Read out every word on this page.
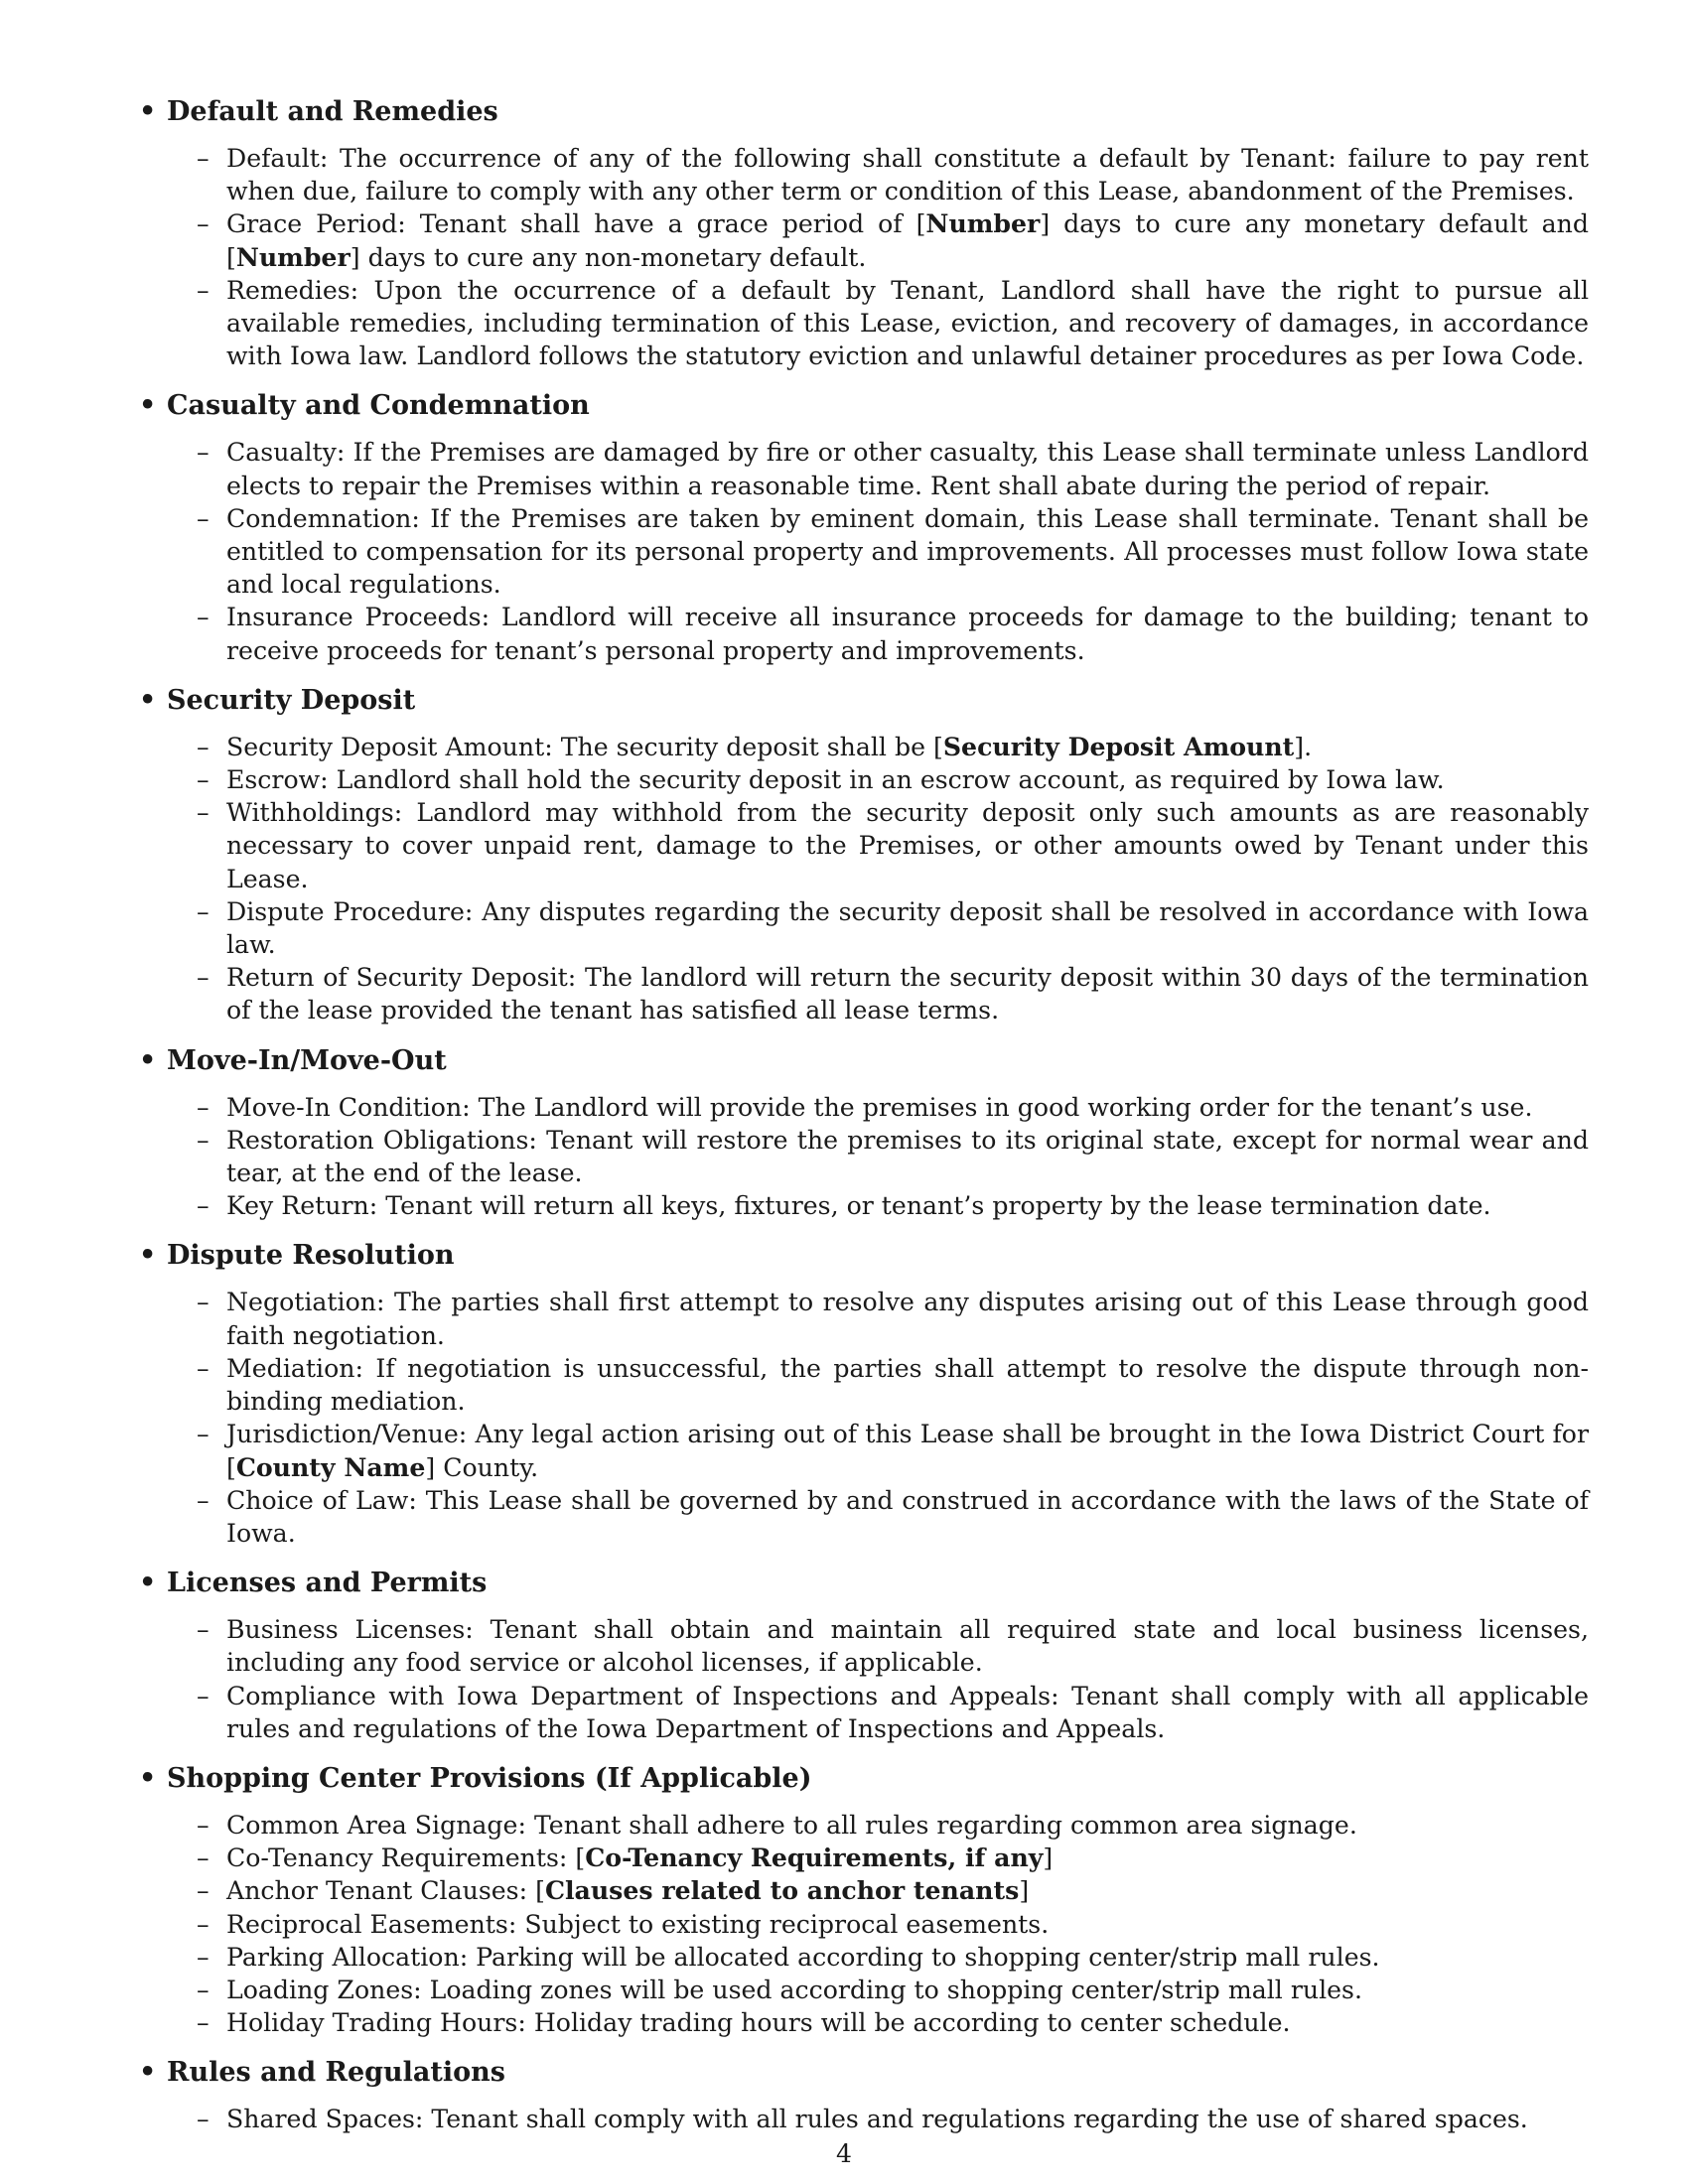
• Default and Remedies
– Default: The occurrence of any of the following shall constitute a default by Tenant: failure to pay rent when due, failure to comply with any other term or condition of this Lease, abandonment of the Premises.
– Grace Period: Tenant shall have a grace period of [Number] days to cure any monetary default and [Number] days to cure any non-monetary default.
– Remedies: Upon the occurrence of a default by Tenant, Landlord shall have the right to pursue all available remedies, including termination of this Lease, eviction, and recovery of damages, in accordance with Iowa law. Landlord follows the statutory eviction and unlawful detainer procedures as per Iowa Code.
• Casualty and Condemnation
– Casualty: If the Premises are damaged by fire or other casualty, this Lease shall terminate unless Landlord elects to repair the Premises within a reasonable time. Rent shall abate during the period of repair.
– Condemnation: If the Premises are taken by eminent domain, this Lease shall terminate. Tenant shall be entitled to compensation for its personal property and improvements. All processes must follow Iowa state and local regulations.
– Insurance Proceeds: Landlord will receive all insurance proceeds for damage to the building; tenant to receive proceeds for tenant’s personal property and improvements.
• Security Deposit
– Security Deposit Amount: The security deposit shall be [Security Deposit Amount].
– Escrow: Landlord shall hold the security deposit in an escrow account, as required by Iowa law.
– Withholdings: Landlord may withhold from the security deposit only such amounts as are reasonably necessary to cover unpaid rent, damage to the Premises, or other amounts owed by Tenant under this Lease.
– Dispute Procedure: Any disputes regarding the security deposit shall be resolved in accordance with Iowa law.
– Return of Security Deposit: The landlord will return the security deposit within 30 days of the termination of the lease provided the tenant has satisfied all lease terms.
• Move-In/Move-Out
– Move-In Condition: The Landlord will provide the premises in good working order for the tenant’s use.
– Restoration Obligations: Tenant will restore the premises to its original state, except for normal wear and tear, at the end of the lease.
– Key Return: Tenant will return all keys, fixtures, or tenant’s property by the lease termination date.
• Dispute Resolution
– Negotiation: The parties shall first attempt to resolve any disputes arising out of this Lease through good faith negotiation.
– Mediation: If negotiation is unsuccessful, the parties shall attempt to resolve the dispute through non-binding mediation.
– Jurisdiction/Venue: Any legal action arising out of this Lease shall be brought in the Iowa District Court for [County Name] County.
– Choice of Law: This Lease shall be governed by and construed in accordance with the laws of the State of Iowa.
• Licenses and Permits
– Business Licenses: Tenant shall obtain and maintain all required state and local business licenses, including any food service or alcohol licenses, if applicable.
– Compliance with Iowa Department of Inspections and Appeals: Tenant shall comply with all applicable rules and regulations of the Iowa Department of Inspections and Appeals.
• Shopping Center Provisions (If Applicable)
– Common Area Signage: Tenant shall adhere to all rules regarding common area signage.
– Co-Tenancy Requirements: [Co-Tenancy Requirements, if any]
– Anchor Tenant Clauses: [Clauses related to anchor tenants]
– Reciprocal Easements: Subject to existing reciprocal easements.
– Parking Allocation: Parking will be allocated according to shopping center/strip mall rules.
– Loading Zones: Loading zones will be used according to shopping center/strip mall rules.
– Holiday Trading Hours: Holiday trading hours will be according to center schedule.
• Rules and Regulations
– Shared Spaces: Tenant shall comply with all rules and regulations regarding the use of shared spaces.
4
